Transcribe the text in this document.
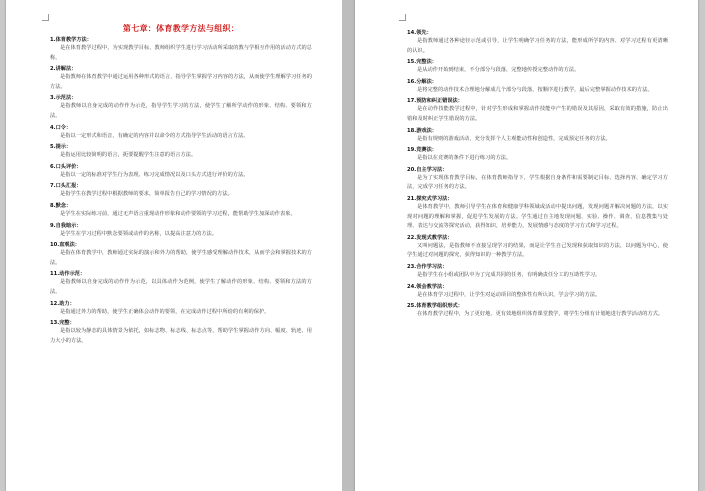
第七章：体育教学方法与组织：
1.体育教学方法：
是在体育教学过程中，为实现教学目标，教师组织学生进行学习活动所采取的教与学相互作用的活动方式的总称。
2.讲解法：
是指教师在体育教学中通过运用各种形式的语言，指导学生掌握学习内容的方法，从而使学生理解学习任务的方法。
3.示范法：
是指教师以自身完成的动作作为示范，指导学生学习的方法，使学生了解所学动作的形象、结构、要领和方法。
4.口令：
是指以一定形式和语音，有确定的内容并以命令的方式指导学生活动的语言方法。
5.提示：
是指运用比较简明的语言，扼要提醒学生注意的语言方法。
6.口头评价：
是指以一定的标准对学生行为表现、练习完成情况以及口头方式进行评价的方法。
7.口头汇报：
是指学生在教学过程中根据教师的要求，简单报告自己的学习情况的方法。
8.默念：
是学生在实际练习前，通过无声语言重现动作形象和动作要领的学习过程，能帮助学生加深动作表象。
9.自我暗示：
是学生在学习过程中默念要领或动作的名称，以提高注意力的方法。
10.直观法：
是指在体育教学中，教师通过实际的演示和外力的帮助，使学生感受理解动作技术，从而学会和掌握技术的方法。
11.动作示范：
是指教师以自身完成的动作作为示范，以具体动作为范例，使学生了解动作的形象、结构、要领和方法的方法。
12.助力：
是指通过外力的帮助，使学生正确体会动作的要领，在完成动作过程中所给的有利的保护。
13.完整：
是指以较为静态的具体情景为依托，如标志物、标志线、标志点等，帮助学生掌握动作方向、幅度、轨迹、用力大小的方法。
14.领先：
是指教师通过各种途径示范或引导，让学生明确学习任务的方法，能形成所学的内容、对学习过程有更清晰的认识。
15.完整法：
是从动作开始到结束，不分部分与段落，完整地传授完整动作的方法。
16.分解法：
是将完整的动作技术合理地分解成几个部分与段落，按顺序进行教学，最后完整掌握动作技术的方法。
17.预防和纠正错误法：
是在动作技能教学过程中，针对学生形成和掌握动作技能中产生的错误及其原因，采取有效的措施，防止出错和及时纠正学生错误的方法。
18.游戏法：
是指有规则的游戏活动，充分发挥个人主观能动性和创造性，完成预定任务的方法。
19.竞赛法：
是指以在竞赛的条件下进行练习的方法。
20.自主学习法：
是为了实现体育教学目标，在体育教师指导下，学生根据自身条件和需要制定目标、选择内容、确定学习方法，完成学习任务的方法。
21.探究式学习法：
是体育教学中，教师引导学生在体育和健康学科领域或活动中提出问题，发现问题并解决问题的方法，以实现对问题的理解和掌握，促进学生发展的方法。学生通过自主地发现问题、实验、操作、调查、信息搜集与处理、表达与交流等探究活动，获得知识，培养能力，发展情感与态度的学习方式和学习过程。
22.发现式教学法：
又叫问题法，是指教师不直接呈现学习的结果，而是让学生自己发现和获取知识的方法，以问题为中心，使学生通过对问题的探究，获得知识的一种教学方法。
23.合作学习法：
是指学生在小组或团队中为了完成共同的任务，有明确责任分工的互助性学习。
24.领会教学法：
是在体育学习过程中，让学生对运动项目的整体性有所认识，学会学习的方法。
25.体育教学组织形式：
在体育教学过程中，为了更好地、更有效地组织体育课堂教学，将学生分组有计划地进行教学活动的方式。
